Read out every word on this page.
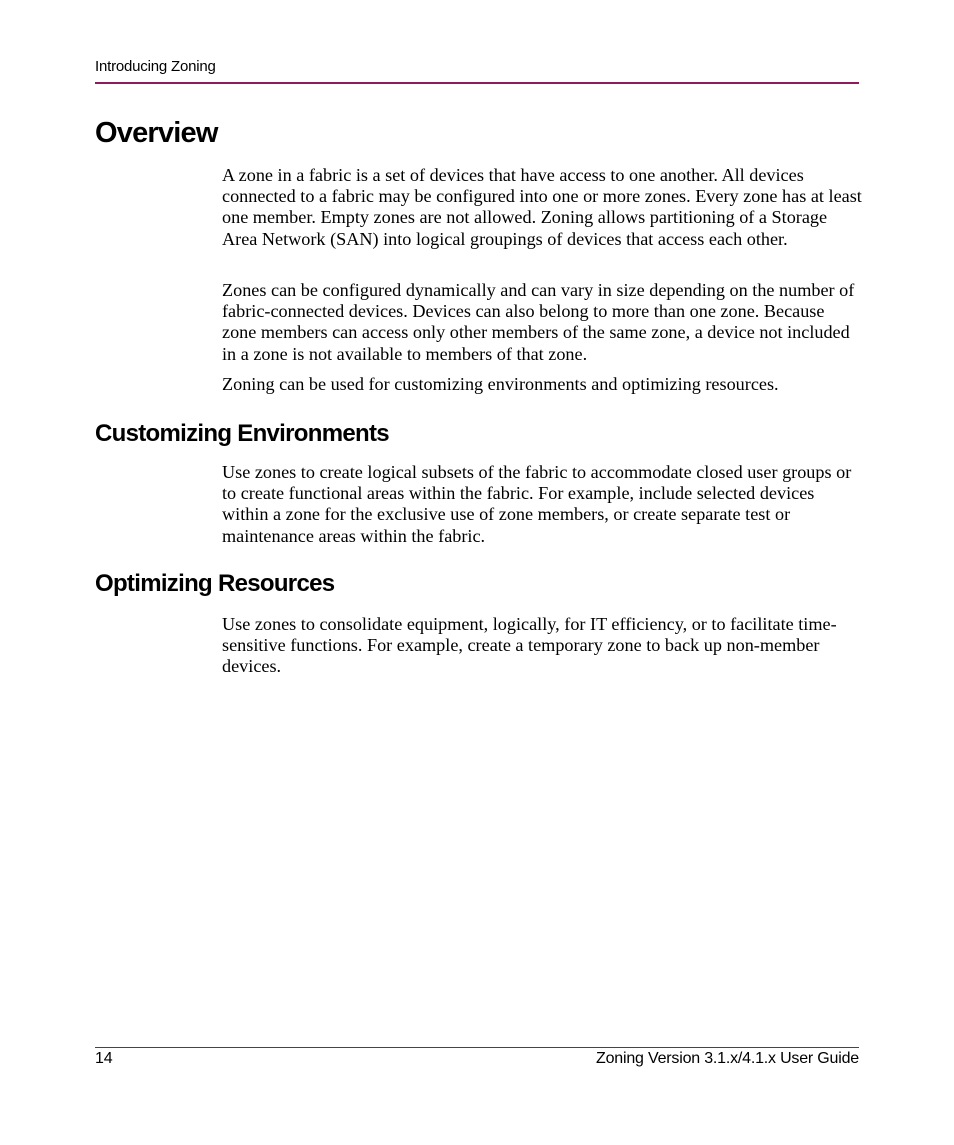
Introducing Zoning
Overview

A zone in a fabric is a set of devices that have access to one another. All devices connected to a fabric may be configured into one or more zones. Every zone has at least one member. Empty zones are not allowed. Zoning allows partitioning of a Storage Area Network (SAN) into logical groupings of devices that access each other.

Zones can be configured dynamically and can vary in size depending on the number of fabric-connected devices. Devices can also belong to more than one zone. Because zone members can access only other members of the same zone, a device not included in a zone is not available to members of that zone.

Zoning can be used for customizing environments and optimizing resources.

Customizing Environments

Use zones to create logical subsets of the fabric to accommodate closed user groups or to create functional areas within the fabric. For example, include selected devices within a zone for the exclusive use of zone members, or create separate test or maintenance areas within the fabric.

Optimizing Resources

Use zones to consolidate equipment, logically, for IT efficiency, or to facilitate time-sensitive functions. For example, create a temporary zone to back up non-member devices.

14	Zoning Version 3.1.x/4.1.x User Guide
